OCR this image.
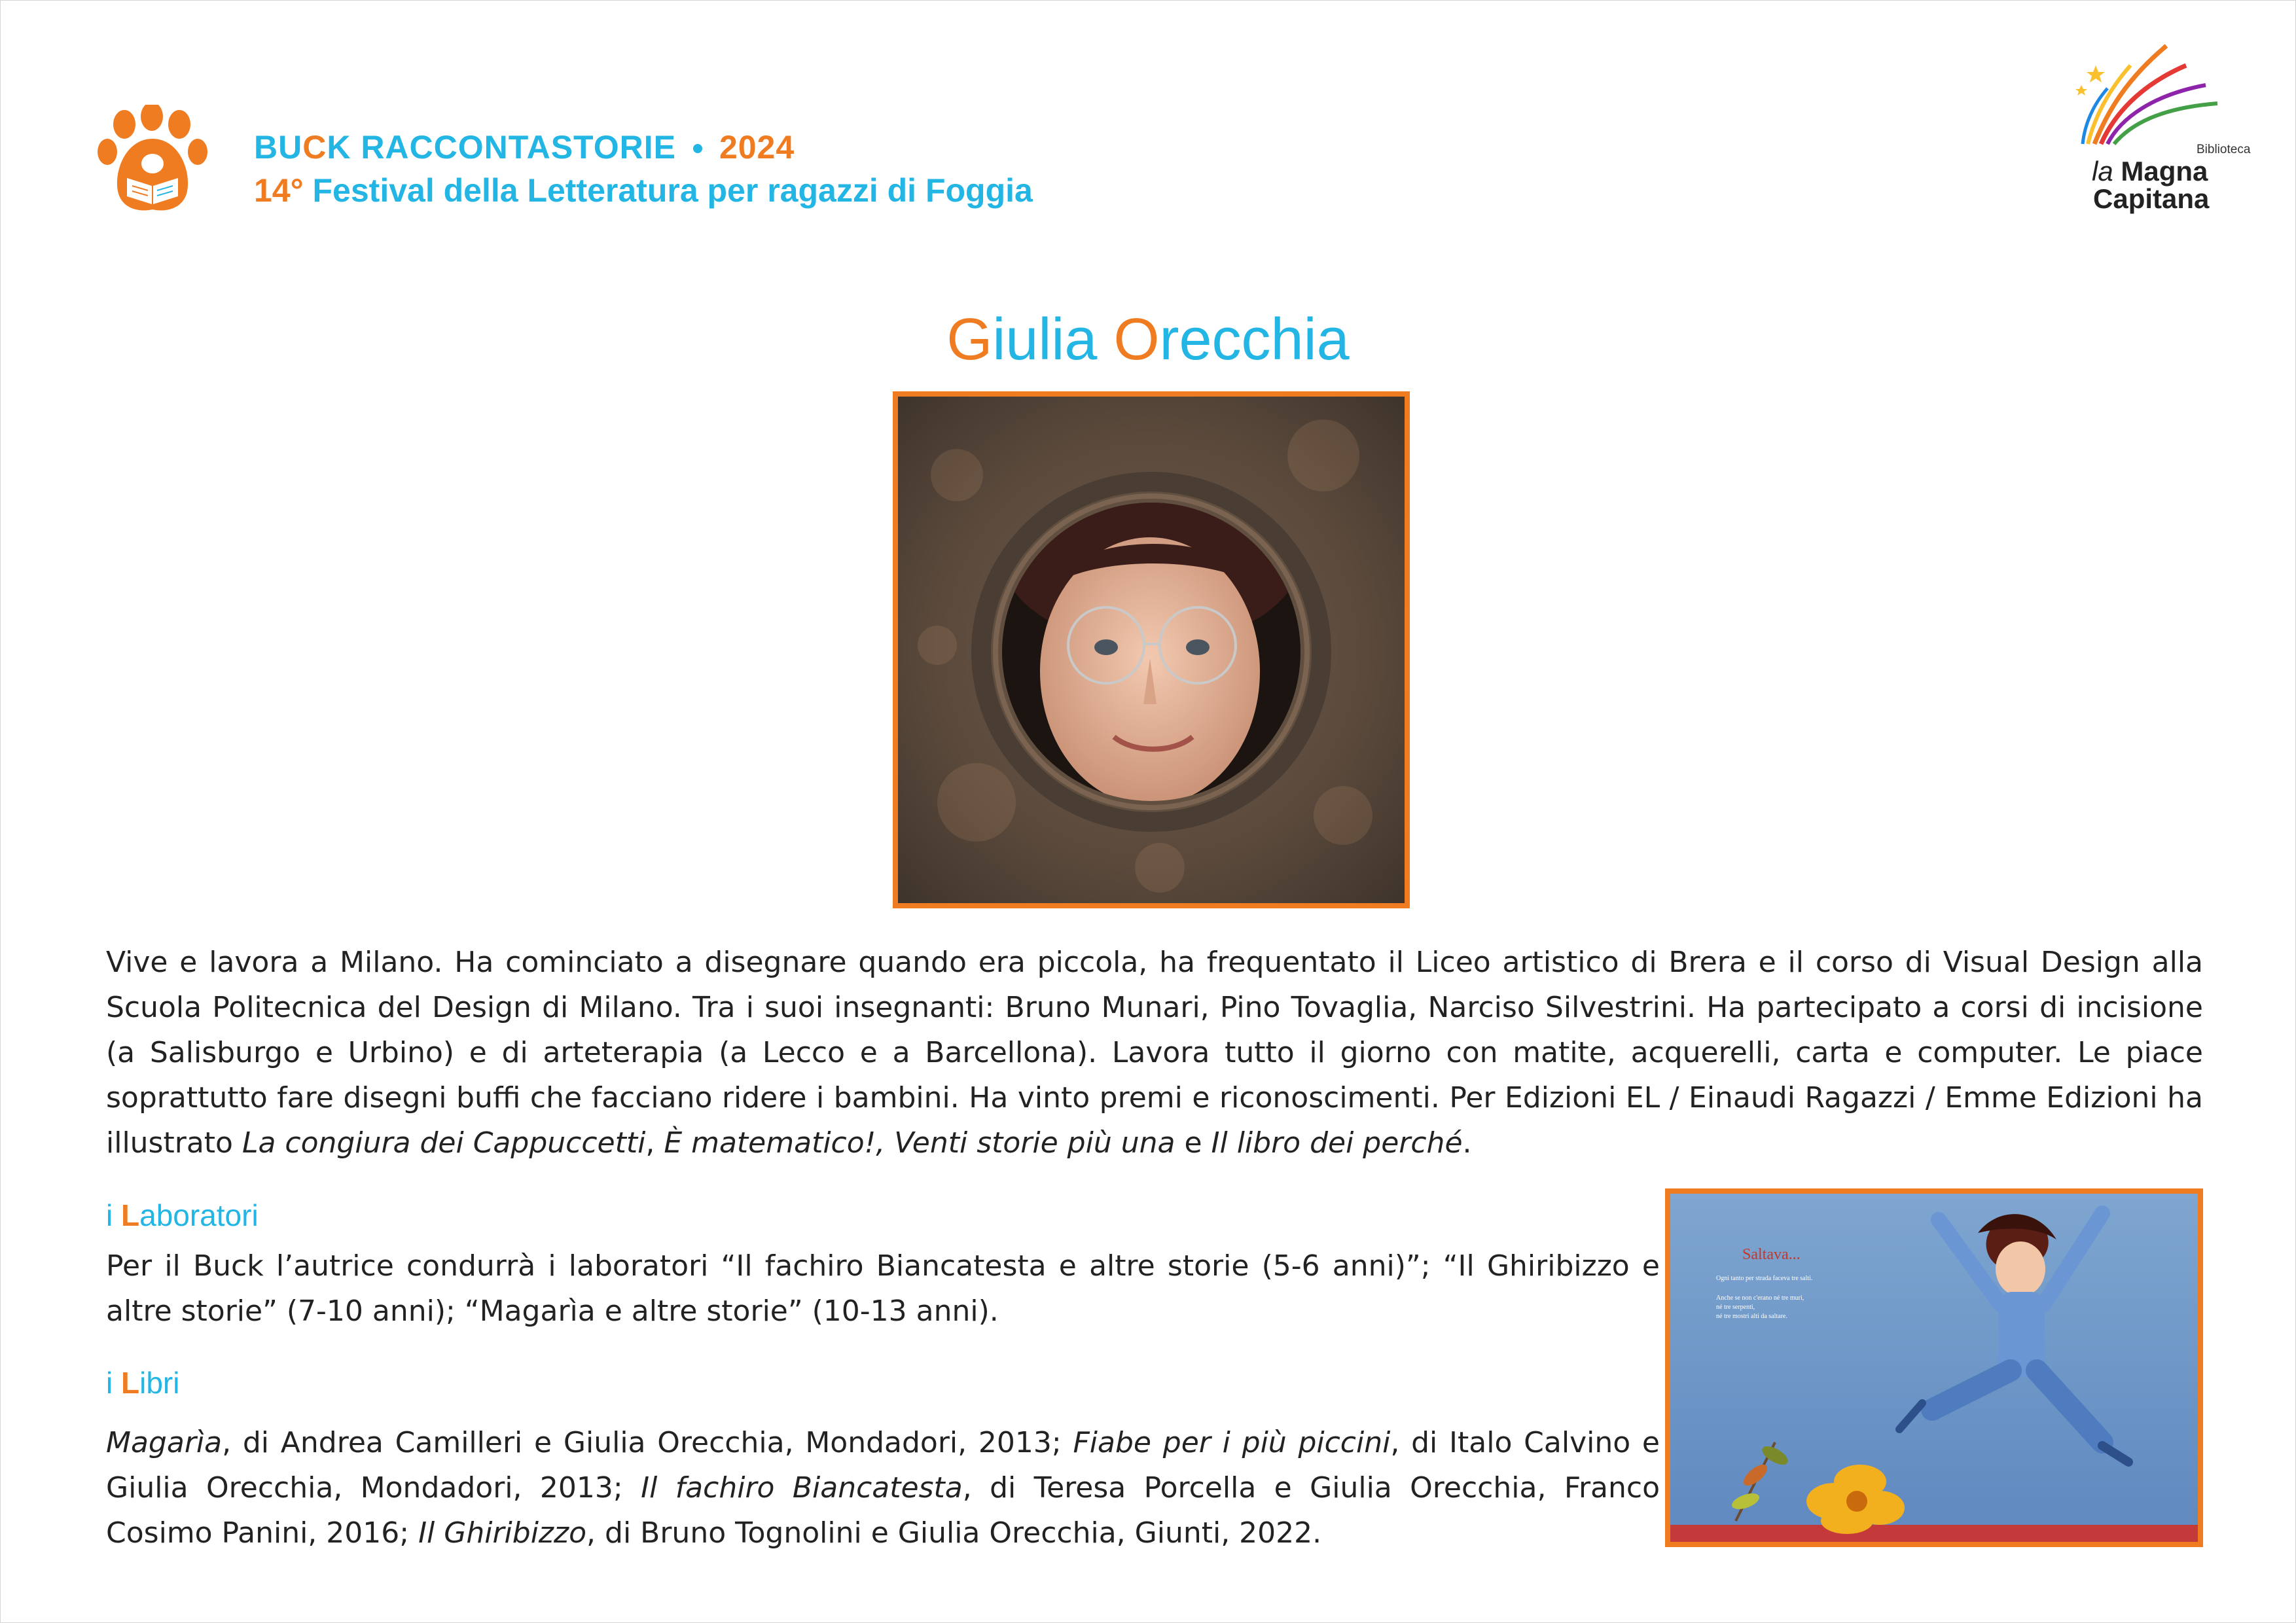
BUCK RACCONTASTORIE 2024
14° Festival della Letteratura per ragazzi di Foggia
Biblioteca
la Magna
Capitana
Giulia Orecchia
Vive e lavora a Milano. Ha cominciato a disegnare quando era piccola, ha frequentato il Liceo artistico di Brera e il corso di Visual Design alla Scuola Politecnica del Design di Milano. Tra i suoi insegnanti: Bruno Munari, Pino Tovaglia, Narciso Silvestrini. Ha partecipato a corsi di incisione (a Salisburgo e Urbino) e di arteterapia (a Lecco e a Barcellona). Lavora tutto il giorno con matite, acquerelli, carta e computer. Le piace soprattutto fare disegni buffi che facciano ridere i bambini. Ha vinto premi e riconoscimenti. Per Edizioni EL / Einaudi Ragazzi / Emme Edizioni ha illustrato La congiura dei Cappuccetti, È matematico!, Venti storie più una e Il libro dei perché.
i Laboratori
Per il Buck l’autrice condurrà i laboratori “Il fachiro Biancatesta e altre storie (5-6 anni)”; “Il Ghiribizzo e altre storie” (7-10 anni); “Magarìa e altre storie” (10-13 anni).
i Libri
Magarìa, di Andrea Camilleri e Giulia Orecchia, Mondadori, 2013; Fiabe per i più piccini, di Italo Calvino e Giulia Orecchia, Mondadori, 2013; Il fachiro Biancatesta, di Teresa Porcella e Giulia Orecchia, Franco Cosimo Panini, 2016; Il Ghiribizzo, di Bruno Tognolini e Giulia Orecchia, Giunti, 2022.
Saltava...
Ogni tanto per strada faceva tre salti.
Anche se non c'erano né tre muri,
né tre serpenti,
né tre mostri alti da saltare.
